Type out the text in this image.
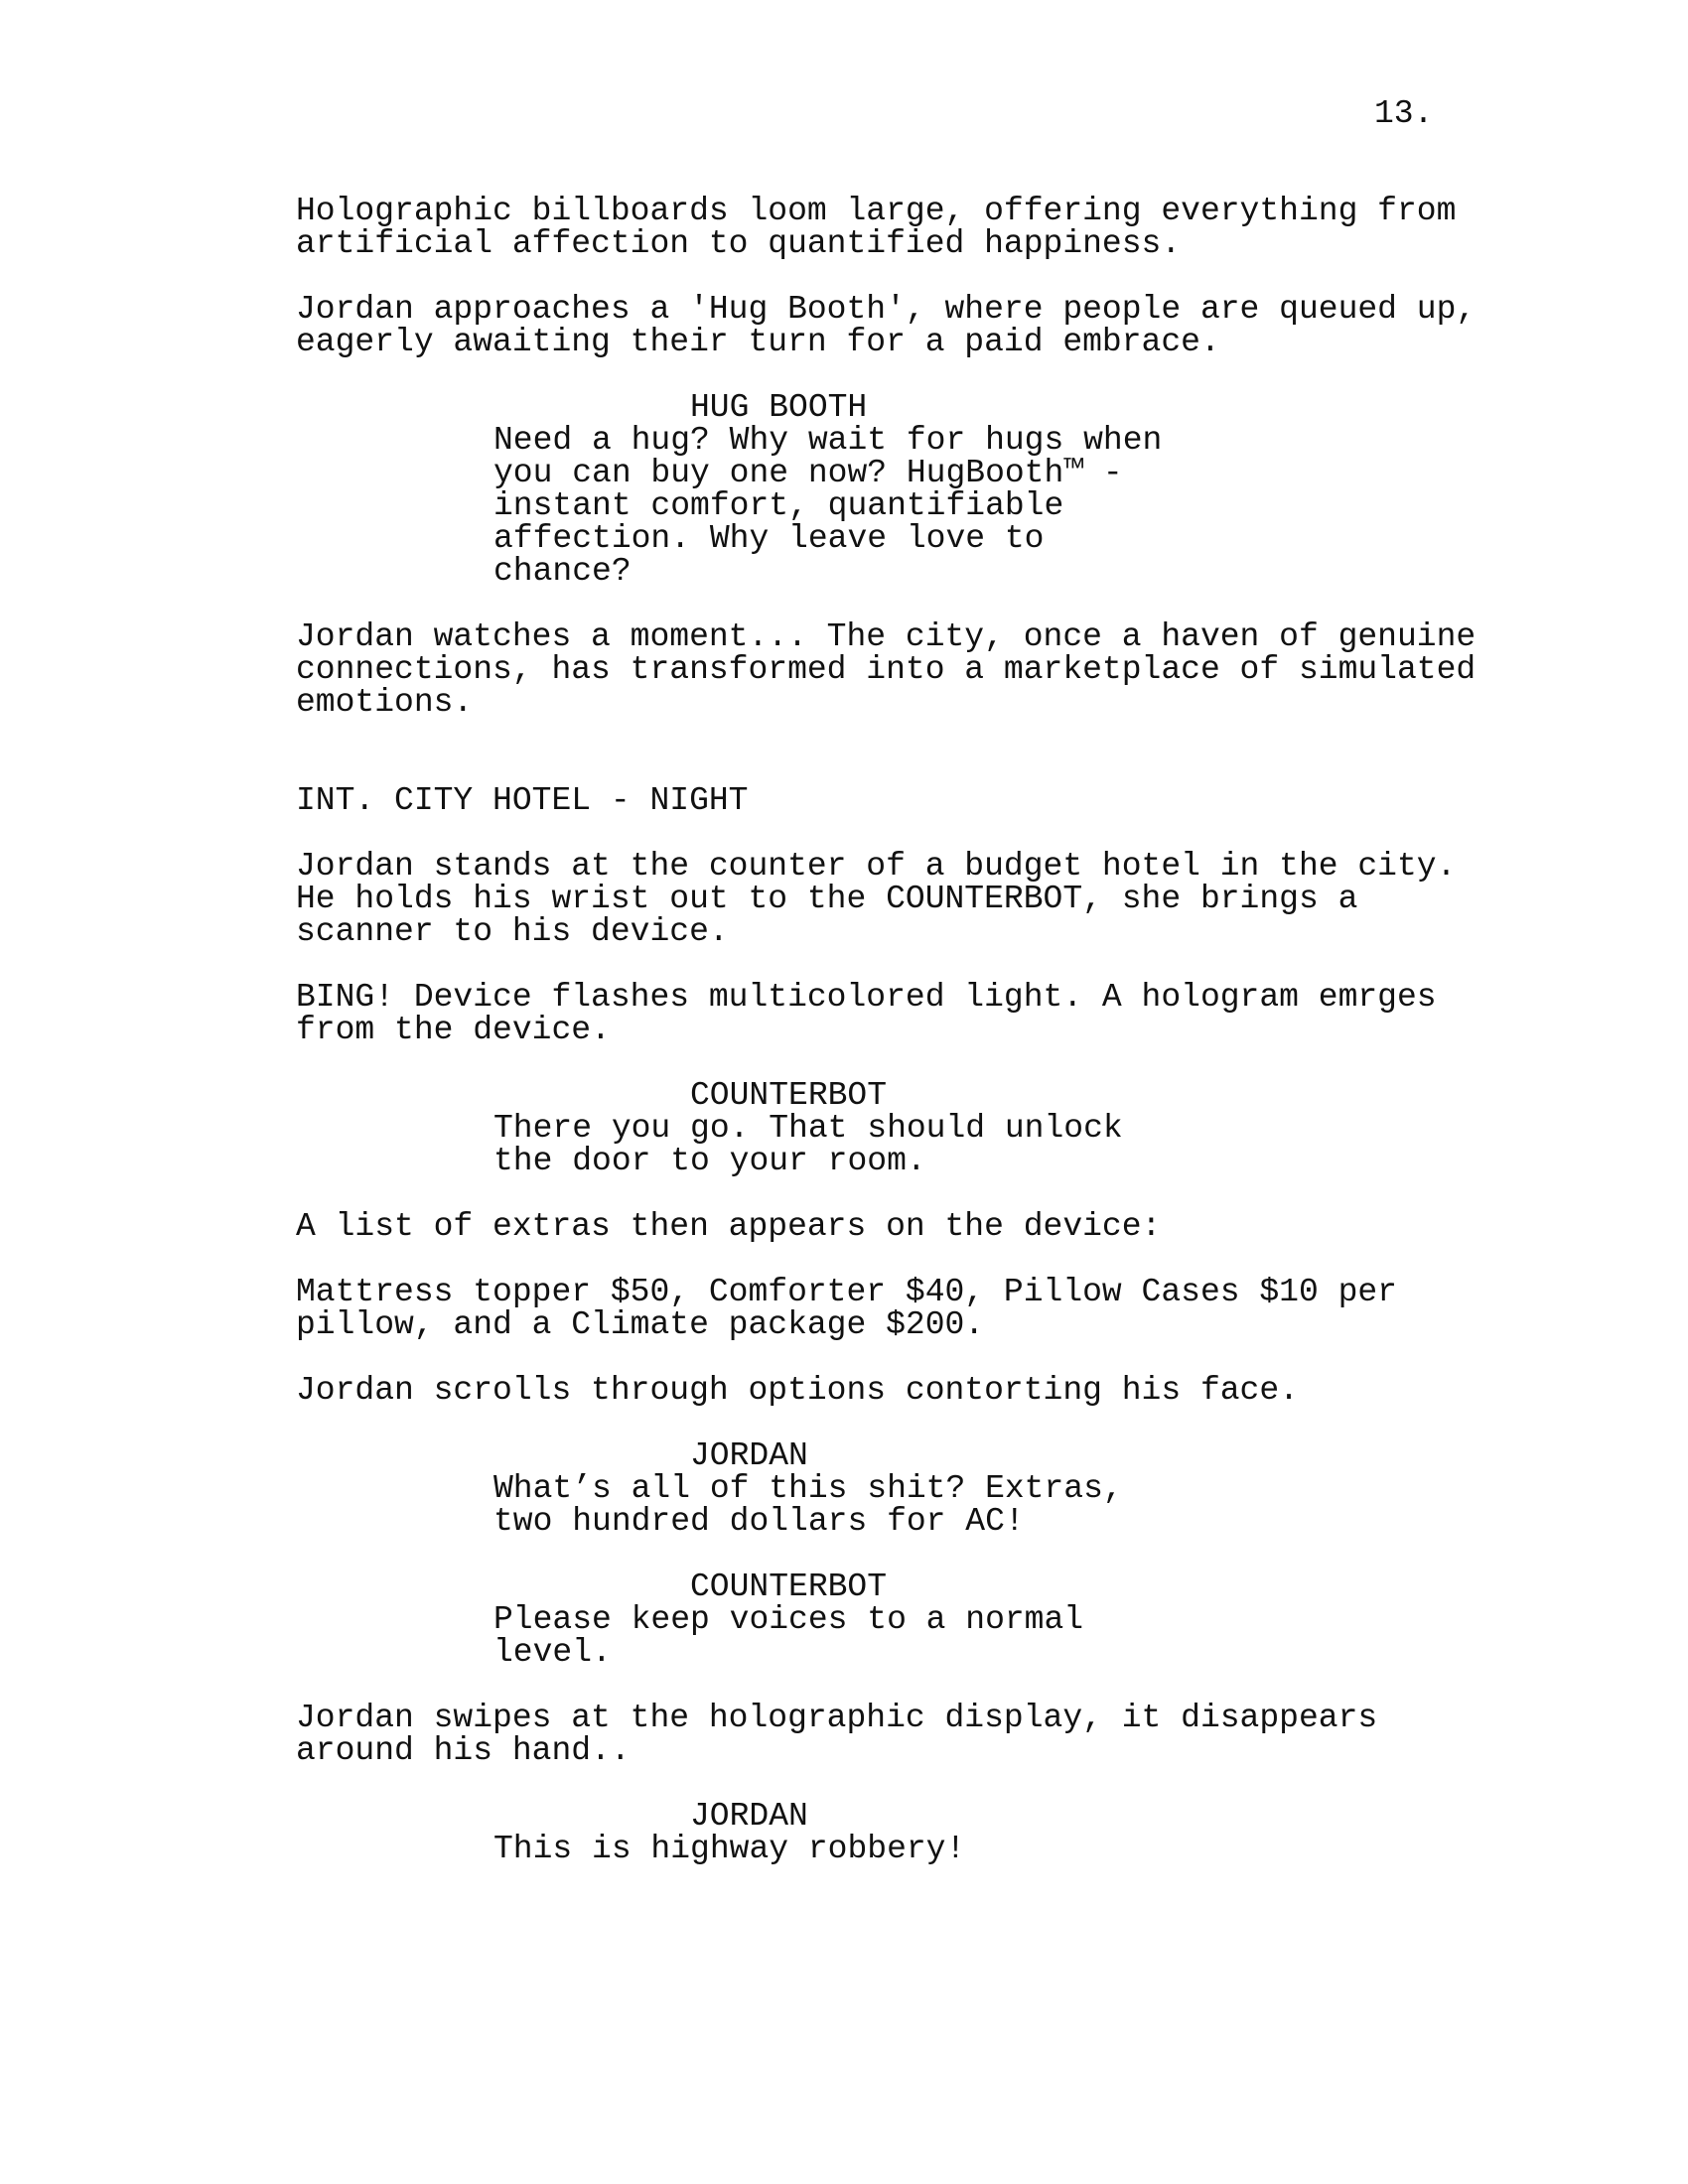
13.
Holographic billboards loom large, offering everything from
artificial affection to quantified happiness.
Jordan approaches a 'Hug Booth', where people are queued up,
eagerly awaiting their turn for a paid embrace.
HUG BOOTH
Need a hug? Why wait for hugs when
you can buy one now? HugBooth™ -
instant comfort, quantifiable
affection. Why leave love to
chance?
Jordan watches a moment... The city, once a haven of genuine
connections, has transformed into a marketplace of simulated
emotions.
INT. CITY HOTEL - NIGHT
Jordan stands at the counter of a budget hotel in the city.
He holds his wrist out to the COUNTERBOT, she brings a
scanner to his device.
BING! Device flashes multicolored light. A hologram emrges
from the device.
COUNTERBOT
There you go. That should unlock
the door to your room.
A list of extras then appears on the device:
Mattress topper $50, Comforter $40, Pillow Cases $10 per
pillow, and a Climate package $200.
Jordan scrolls through options contorting his face.
JORDAN
What’s all of this shit? Extras,
two hundred dollars for AC!
COUNTERBOT
Please keep voices to a normal
level.
Jordan swipes at the holographic display, it disappears
around his hand..
JORDAN
This is highway robbery!
